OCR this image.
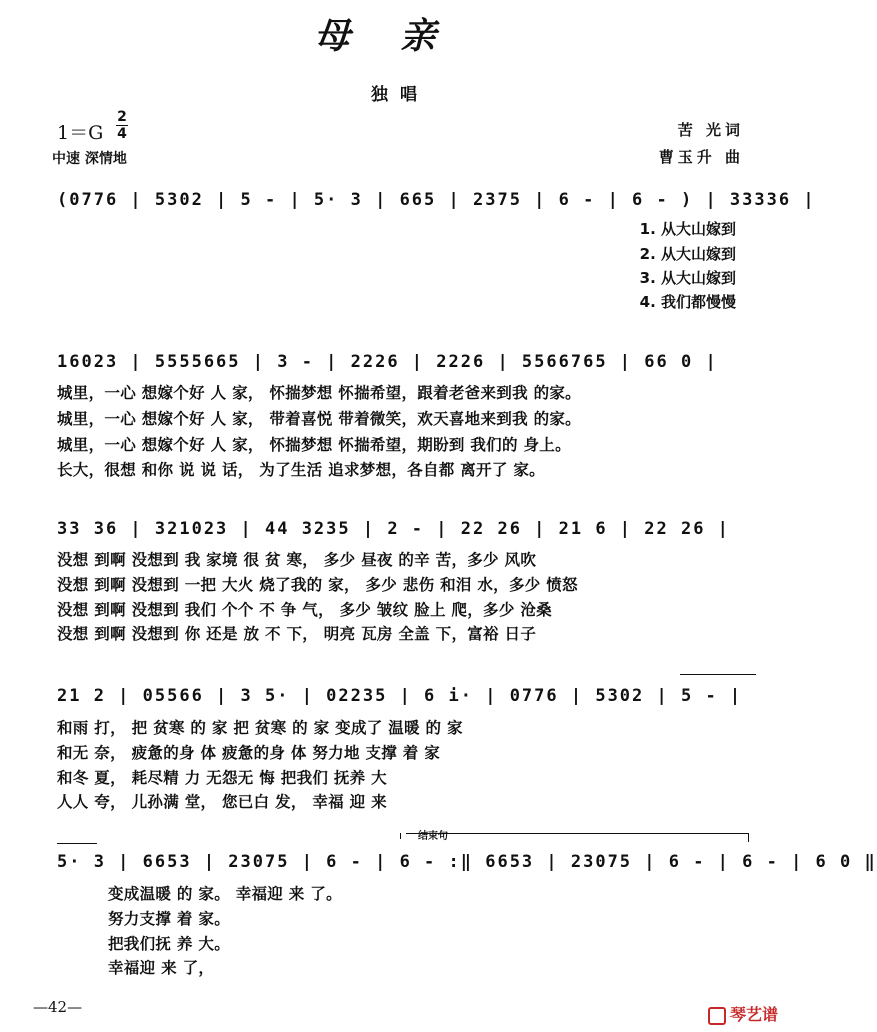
母亲
独唱
$1=G \frac{2}{4}$
中速 深情地
苦 光词
曹玉升 曲
(0776 | 5302 | 5 - | 5· 3 | 665 | 2375 | 6 - | 6 - ) | 33336 |
1. 从大山嫁到
2. 从大山嫁到
3. 从大山嫁到
4. 我们都慢慢
16023 | 5555665 | 3 - | 2226 | 2226 | 5566765 | 66 0 |
城里，一心 想嫁个好 人 家， 怀揣梦想 怀揣希望，跟着老爸来到我 的家。
城里，一心 想嫁个好 人 家， 带着喜悦 带着微笑，欢天喜地来到我 的家。
城里，一心 想嫁个好 人 家， 怀揣梦想 怀揣希望，期盼到 我们的 身上。
长大，很想 和你 说 说 话， 为了生活 追求梦想，各自都 离开了 家。
33 36 | 321023 | 44 3235 | 2 - | 22 26 | 21 6 | 22 26 |
没想 到啊 没想到 我 家境 很 贫 寒， 多少 昼夜 的辛 苦，多少 风吹
没想 到啊 没想到 一把 大火 烧了我的 家， 多少 悲伤 和泪 水，多少 愤怒
没想 到啊 没想到 我们 个个 不 争 气， 多少 皱纹 脸上 爬，多少 沧桑
没想 到啊 没想到 你 还是 放 不 下， 明亮 瓦房 全盖 下，富裕 日子
21 2 | 05566 | 3 5· | 02235 | 6 i· | 0776 | 5302 | 5 - |
和雨 打， 把 贫寒 的 家 把 贫寒 的 家 变成了 温暖 的 家
和无 奈， 疲惫的身 体 疲惫的身 体 努力地 支撑 着 家
和冬 夏， 耗尽精 力 无怨无 悔 把我们 抚养 大
人人 夸， 儿孙满 堂， 您已白 发， 幸福 迎 来
结束句
5· 3 | 6653 | 23075 | 6 - | 6 - :‖ 6653 | 23075 | 6 - | 6 - | 6 0 ‖
变成温暖 的 家。 幸福迎 来 了。
努力支撑 着 家。
把我们抚 养 大。
幸福迎 来 了，
—42—	琴艺谱
